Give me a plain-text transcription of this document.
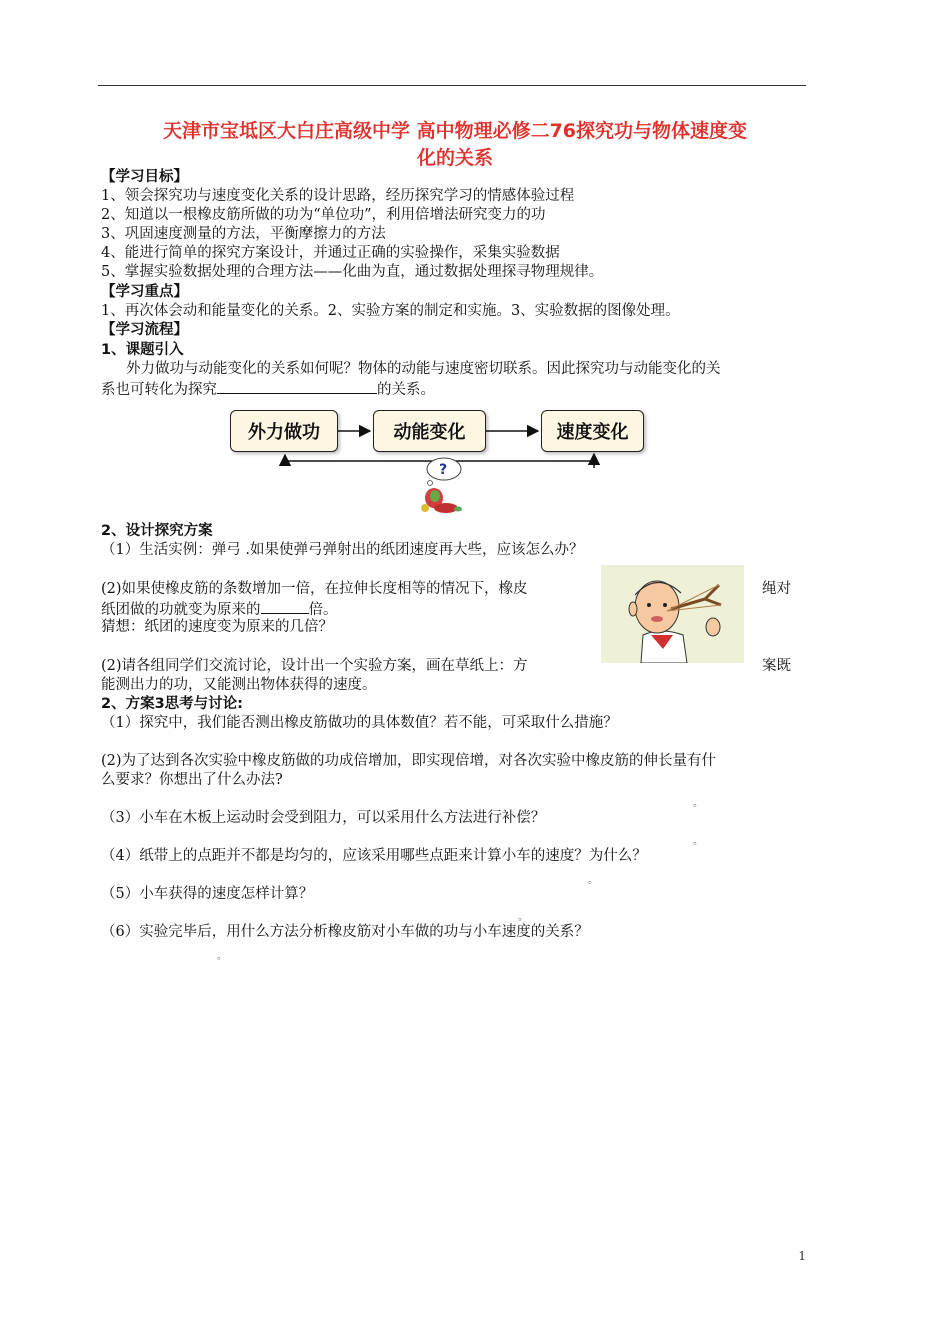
天津市宝坻区大白庄高级中学 高中物理必修二76探究功与物体速度变
化的关系
【学习目标】
1、领会探究功与速度变化关系的设计思路，经历探究学习的情感体验过程
2、知道以一根橡皮筋所做的功为“单位功”，利用倍增法研究变力的功
3、巩固速度测量的方法，平衡摩擦力的方法
4、能进行简单的探究方案设计，并通过正确的实验操作，采集实验数据
5、掌握实验数据处理的合理方法——化曲为直，通过数据处理探寻物理规律。
【学习重点】
1、再次体会动和能量变化的关系。2、实验方案的制定和实施。3、实验数据的图像处理。
【学习流程】
1、课题引入
外力做功与动能变化的关系如何呢？物体的动能与速度密切联系。因此探究功与动能变化的关
系也可转化为探究	的关系。
外力做功	动能变化	速度变化
?
2、设计探究方案
（1）生活实例：弹弓 .如果使弹弓弹射出的纸团速度再大些，应该怎么办？
(2)如果使橡皮筋的条数增加一倍，在拉伸长度相等的情况下，橡皮	绳对
纸团做的功就变为原来的	倍。
猜想：纸团的速度变为原来的几倍？
(2)请各组同学们交流讨论，设计出一个实验方案，画在草纸上：方	案既
能测出力的功，又能测出物体获得的速度。
2、方案3思考与讨论:
（1）探究中，我们能否测出橡皮筋做功的具体数值？若不能，可采取什么措施？
(2)为了达到各次实验中橡皮筋做的功成倍增加，即实现倍增，对各次实验中橡皮筋的伸长量有什
么要求？你想出了什么办法?
。
（3）小车在木板上运动时会受到阻力，可以采用什么方法进行补偿？
。
（4）纸带上的点距并不都是均匀的，应该采用哪些点距来计算小车的速度？为什么？
。
（5）小车获得的速度怎样计算？
。
（6）实验完毕后，用什么方法分析橡皮筋对小车做的功与小车速度的关系？
。
1
